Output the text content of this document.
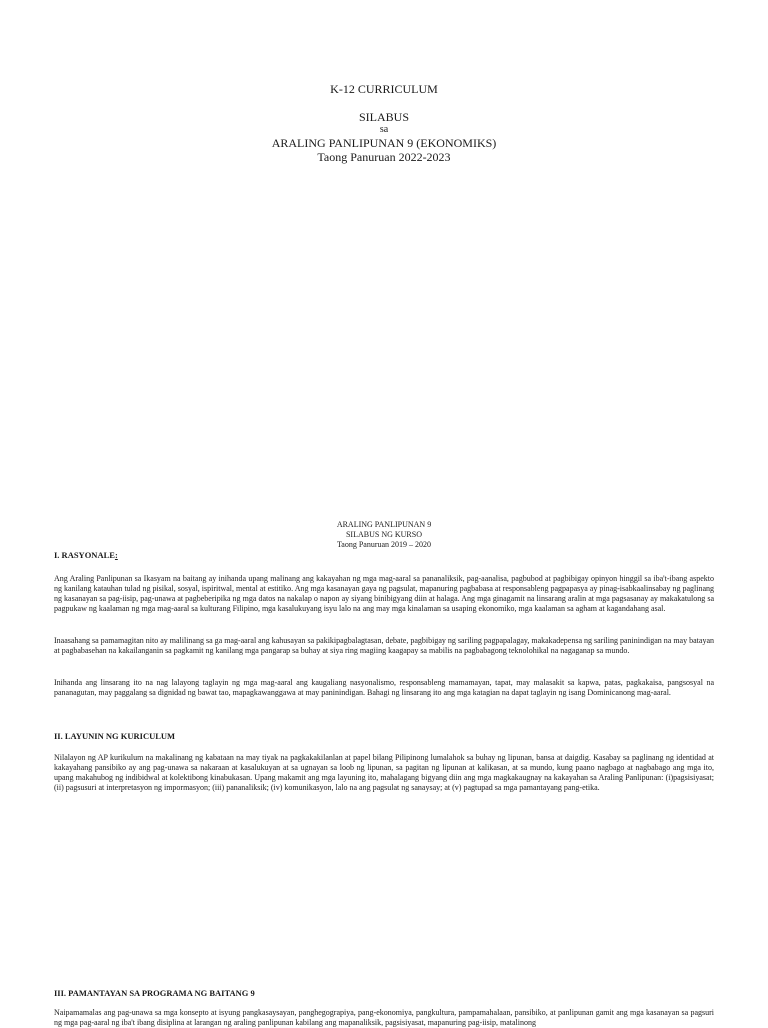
K-12 CURRICULUM
SILABUS
sa
ARALING PANLIPUNAN 9 (EKONOMIKS)
Taong Panuruan 2022-2023
ARALING PANLIPUNAN 9
SILABUS NG KURSO
Taong Panuruan 2019 – 2020
I. RASYONALE:

Ang Araling Panlipunan sa Ikasyam na baitang ay inihanda upang malinang ang kakayahan ng mga mag-aaral sa pananaliksik, pag-aanalisa, pagbubod at pagbibigay opinyon hinggil sa iba't-ibang aspekto ng kanilang katauhan tulad ng pisikal, sosyal, ispiritwal, mental at estitiko. Ang mga kasanayan gaya ng pagsulat, mapanuring pagbabasa at responsableng pagpapasya ay pinag-isabkaalinsabay ng paglinang ng kasanayan sa pag-iisip, pag-unawa at pagbeberipika ng mga datos na nakalap o napon ay siyang binibigyang diin at halaga. Ang mga ginagamit na linsarang aralin at mga pagsasanay ay makakatulong sa pagpukaw ng kaalaman ng mga mag-aaral sa kulturang Filipino, mga kasalukuyang isyu lalo na ang may mga kinalaman sa usaping ekonomiko, mga kaalaman sa agham at kagandahang asal.

Inaasahang sa pamamagitan nito ay malilinang sa ga mag-aaral ang kahusayan sa pakikipagbalagtasan, debate, pagbibigay ng sariling pagpapalagay, makakadepensa ng sariling paninindigan na may batayan at pagbabasehan na kakailanganin sa pagkamit ng kanilang mga pangarap sa buhay at siya ring magiing kaagapay sa mabilis na pagbabagong teknolohikal na nagaganap sa mundo.

Inihanda ang linsarang ito na nag lalayong taglayin ng mga mag-aaral ang kaugaliang nasyonalismo, responsableng mamamayan, tapat, may malasakit sa kapwa, patas, pagkakaisa, pangsosyal na pananagutan, may paggalang sa dignidad ng bawat tao, mapagkawanggawa at may paninindigan. Bahagi ng linsarang ito ang mga katagian na dapat taglayin ng isang Dominicanong mag-aaral.

II. LAYUNIN NG KURICULUM

Nilalayon ng AP kurikulum na makalinang ng kabataan na may tiyak na pagkakakilanlan at papel bilang Pilipinong lumalahok sa buhay ng lipunan, bansa at daigdig. Kasabay sa paglinang ng identidad at kakayahang pansibiko ay ang pag-unawa sa nakaraan at kasalukuyan at sa ugnayan sa loob ng lipunan, sa pagitan ng lipunan at kalikasan, at sa mundo, kung paano nagbago at nagbabago ang mga ito, upang makahubog ng indibidwal at kolektibong kinabukasan. Upang makamit ang mga layuning ito, mahalagang bigyang diin ang mga magkakaugnay na kakayahan sa Araling Panlipunan: (i)pagsisiyasat; (ii) pagsusuri at interpretasyon ng impormasyon; (iii) pananaliksik; (iv) komunikasyon, lalo na ang pagsulat ng sanaysay; at (v) pagtupad sa mga pamantayang pang-etika.

III. PAMANTAYAN SA PROGRAMA NG BAITANG 9

Naipamamalas ang pag-unawa sa mga konsepto at isyung pangkasaysayan, panghegograpiya, pang-ekonomiya, pangkultura, pampamahalaan, pansibiko, at panlipunan gamit ang mga kasanayan sa pagsuri ng mga pag-aaral ng iba't ibang disiplina at larangan ng araling panlipunan kabilang ang mapanaliksik, pagsisiyasat, mapanuring pag-iisip, matalinong
